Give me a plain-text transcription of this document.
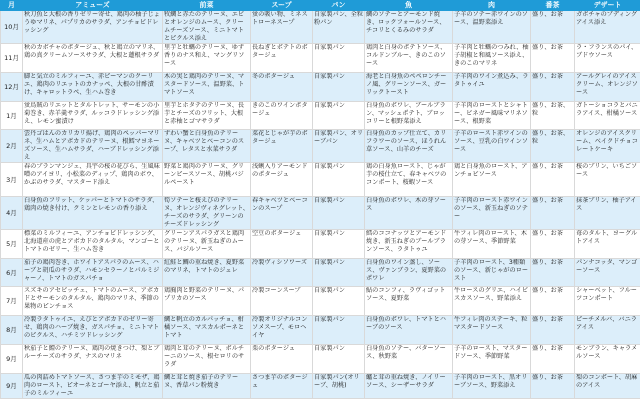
月	アミューズ	前菜	スープ	パン	魚	肉	番茶	デザート
10月	秋刀魚と大根の香りゼリー寄せ、鶏肉の柚子じょうゆマリネ、パプリカのサラダ、アンチョビドレッシング	牧鯛と赤たのテリーヌ、エビとオレンジのムース、クリームチーズソース、ミニトマトとピクルス添え	蛍の吸い物、ミネストローネスープ	自家製パン、全粒粉パン	鯛のソテーとアーモンド焼き、ロックフォールソース、チコリとくるみのサラダ	子羊のソテー赤ワインのソース、温野菜添え	盛り、お茶	ガボチャのプディングアイス添え
11月	秋のカボチャのポタージュ、秋と鶏立のマリネ、鶏の真クリームソースサラダ、大根と蓮根サラダ	里芋と牡蠣のテリーヌ、ゆず香りのナス和え、マングリソース	長ねぎとポテトのポタージュ	自家製パン	鶏肉と白身のポテトソース、コルドンブルー、きのこのソース	子羊肉と牡蠣のつみれ、柚子胡椒と和風ソース添え、きのこのマリネ	盛り、お茶	ラ・フランスのパイ、ブドウソース
12月	脚と気立のミルフィーユ、赤ピーマンのクーリエ、鶏肉のリエットのカナッペ、大根の甘酢漬け、キャロットラペ、生ハム巻き	木の実と鶏肉のテリーヌ、マスタードソース、温野菜、トマトソース	冬のポタージュ	自家製パン	海老と白身魚のペペロンチーノ風、グリーンソース、ガーリックトースト	子羊肉のワイン煮込み、ラタトゥイユ	盛り、お茶	アールグレイのアイスクリーム、オレンジソース
1月	蛍烏賊のリエットとタルトレット、サーモンの小菊巻き、赤羊羹サラダ、ルッコラドレッシング添え、レモン蜜漬け	里芋とホタテのテリーヌ、長芋とチーズのフリット、大根と赤柚とゴマサラダ	きのこのワインポタージュ	自家製パン	白身魚のポワレ、ブールブラン、マッシュポテト、ブロッコリーと根野菜添え	子羊肉のローストとシャトー、ビネガー風味マリネソース、根野菜	盛り、お茶、粒	ガトーショコラとバニラアイス、柑橘ソース
2月	雲丹ゴはんのカリカリ揚げ、鶏肉のペッパーマリネ、生ハムとアボカドのテリーヌ、根鱈マヨネーズソース、生ハムサラダ、ハーブドレッシング添え	ずわい蟹と白身魚のテリーヌ、キャベツとベーコンのスープ、レタスと水菜サラダ	菜花とじゃが芋のポタージュ	自家製パン、オリーブパン	白身魚のカップ仕立て、カリフラワーのソース、ほうれん草ソース、山羊のチーズ	子羊のロースト赤ワインのソース、豆乳の白ワインソース	盛り、お茶、粒	オレンジのアイスクリーム、ベイクドチョコレートケーキ
3月	春のプランマンジェ、具宇の桜の花びら、生風味噌のアイヨリ、小松菜のディップ、鶏肉のボウ、かぶのサラダ、マスタード添え	野菜と鶏肉のテリーヌ、グリーンピースソース、胡桃バジルペースト	浅蜊入りアーモンドのポタージュ	自家製パン	鶏の白身魚ロースト、じゃが芋の桜仕立て、春キャベツのコンポート、桜蝦ソース	鶏と白身魚のロースト、アンチョビソース	盛り、お茶	桜のプリン、いちごソース
4月	白身魚のフリット、ケッパーとトマトのサラダ、鶏肉の焼き付け、クミンとレモンの香り添え	筍ソテーと桜えびのテリーヌ、オレンジヴィネグレット、チーズのサラダ、グリーンのチーズドレッシング	春キャベツとベーコンのスープ	自家製パン	白身魚のポワレ、木の芽ソース	子羊肉のロースト赤ワインのソース、新玉ねぎのソテー	盛り、お茶	抹茶プリン、柚子アイス
5月	標菜のミルフィーユ、アンチョビドレッシング、北海道産の虎とアボカドのタルタル、マンゴーとトマトのゼリー、生ハム巻き	グリーンアスパラガスと鶏肉のテリーヌ、新玉ねぎのムース、バジルソース	空豆のポタージュ	自家製パン	鱈のココナッツとアーモンド焼き、新玉ねぎのブールブランソース、ラタトゥユ	牛フィレ肉のロースト、木の芽ソース、季節野菜	盛り、お茶	苺のタルト、ヨーグルトアイス
6月	茄子の鶏肉巻き、ホワイトアスパラのムース、ハーブと胡瓜のサラダ、ハモンセラーノとパルミジャーノ、トマトのガスパチョ	紅鮭と鯛の重ね焼き、夏野菜のマリネ、トマトのジュレ	冷製ヴィシソワーズ	自家製パン	白身魚のワイン蒸し、ソース、ヴァンブラン、夏野菜のポワレ	子羊肉のロースト、3種類のソース、新じゃがのロースト	盛り、お茶	パンナコッタ、マンゴーソース
7月	スズキのアセビッチェ、トマトのムース、アボカドとサーモンのタルタル、鶏肉のマリネ、季節の果物のピンチョス	鶏胸肉と野菜のテリーヌ、パプリカのソース	冷製コーンスープ	自家製パン	鮎のコンフィ、ラヴィゴットソース、夏野菜	牛ロースのグリエ、ハイビスカスソース、野菜添え	盛り、お茶	シャーベット、フルーツコンポート
8月	冷製ラタトゥイユ、えびとアボカドのゼリー寄せ、鶏肉のハーブ焼き、ガスパチョ、ミニトマトのピクルス、ハチミツドレッシング	鯛と帆立のカルパッチョ、柑橘ソース、マスカルポーネとトマト	冷製オリジナルコンソメスープ、モロヘイヤ	自家製パン	白身魚のポワレ、トマトとハーブのソース	牛フィレ肉のステーキ、粒マスタードソース	盛り、お茶	ピーチメルバ、バニラアイス
9月	秋茄子と鱧のテリーヌ、鶏肉の焼きつけ、梨とブルーチーズのサラダ、ナスのマリネ	鶏肉と茸のテリーヌ、ポルチーニのソース、根セロリのサラダ	栗のポタージュ	自家製パン	白身魚のソテー、バターソース、秋野菜	子羊のロースト、マスタードソース、季節野菜	盛り、お茶	モンブラン、キャラメルソース
9月	瓜の肉詰めトマトソース、さつま芋のミモザ、鶏肉のロースト、ピオーネとゴーヤ添え、帆立と茄子のミルフィーユ	鯛と茸と焼き茄子のテリーヌ、香草パン粉焼き	さつま芋のポタージュ	自家製パン(オリーブ、胡桃)	鱸と茸の重ね焼き、ノイリーソース、シーザーサラダ	子羊肉のロースト、黒オリーブソース、野菜添え	盛り、お茶	梨のコンポート、胡麻のアイス
